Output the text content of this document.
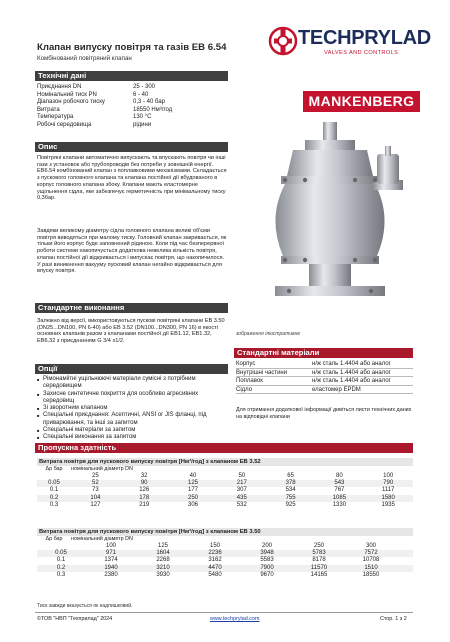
Клапан випуску повітря та газів EB 6.54
Комбінований повітряний клапан
TECHPRYLAD
VALVES AND CONTROLS
MANKENBERG
Технічні дані
Приєднання DN	25 - 300
Номінальний тиск PN	6 - 40
Діапазон робочого тиску	0,3 - 40 бар
Витрата	18550 Нм³/год
Температура	130 °C
Робочі середовища	рідини
Опис
Повітряні клапани автоматично випускають та впускають повітря чи інші гази з установок або трубопроводів без потреби у зовнішній енергії. EB6.54 комбінований клапан з поплавковими механізмами. Складається з пускового головного клапана та клапана постійної дії вбудованого в корпус головного клапана збоку. Клапани мають еластомерне ущільнення сідла, яке забезпечує герметичність при мінімальному тиску 0,3бар.
Завдяки великому діаметру сідла головного клапана великі об'єми повітря виводяться при малому тиску. Головний клапан закривається, як тільки його корпус буде заповнений рідиною. Коли під час безперервної роботи системи накопичується додаткова невелика кількість повітря, клапан постійної дії відкривається і випускає повітря, що накопичилося. У разі виникнення вакууму пусковий клапан негайно відкривається для впуску повітря.
зображення ілюстративне
Стандартне виконання
Залежно від версії, використовуються пускові повітряні клапани ЕВ 3.50 (DN25...DN100, PN 6-40) або ЕВ 3.52 (DN100...DN300, PN 16) в якості основних клапанів разом з клапанами постійної дії EB1.12, EB1.32, EB6.32 з приєднанням G 3/4 x1/2.
Опції
■ Рімонаміітні ущільнюючі матеріали сумісні з потрібним середовищем
■ Захисне синтетичне покриття для особливо агресивних середовищ
■ Зі зворотним клапаном
■ Спеціальні приєднання: Асептичні, ANSI ог JIS фланці, під приварювання, та інші за запитом
■ Спеціальні матеріали за запитом
■ Спеціальні виконання за запитом
Стандартні матеріали
Корпус	н/ж сталь 1.4404 або аналог
Внутрішні частини	н/ж сталь 1.4404 або аналог
Поплавок	н/ж сталь 1.4404 або аналог
Сідло	еластомер EPDM
Для отримання додаткової інформації дивіться листи технічних даних на відповідні клапани
Пропускна здатність
Витрата повітря для пускового випуску повітря [Нм³/год] з клапаном ЕВ 3.52
Δp бар	номінальний діаметр DN
25	32	40	50	65	80	100
0.05	52	90	125	217	378	543	790
0.1	73	126	177	307	534	767	1117
0.2	104	178	250	435	755	1085	1580
0.3	127	219	306	532	925	1330	1935
Витрата повітря для пускового випуску повітря [Нм³/год] з клапаном ЕВ 3.50
Δp бар	номінальний діаметр DN
100	125	150	200	250	300
0.05	971	1604	2236	3948	5783	7572
0.1	1374	2268	3162	5583	8178	10708
0.2	1940	3210	4470	7900	11570	1510
0.3	2380	3930	5480	9670	14165	18550
Тиск завжди вказується як надлишковий.
©ТОВ "НВП "Техприлад" 2024	www.techprylad.com	Стор. 1 з 2
